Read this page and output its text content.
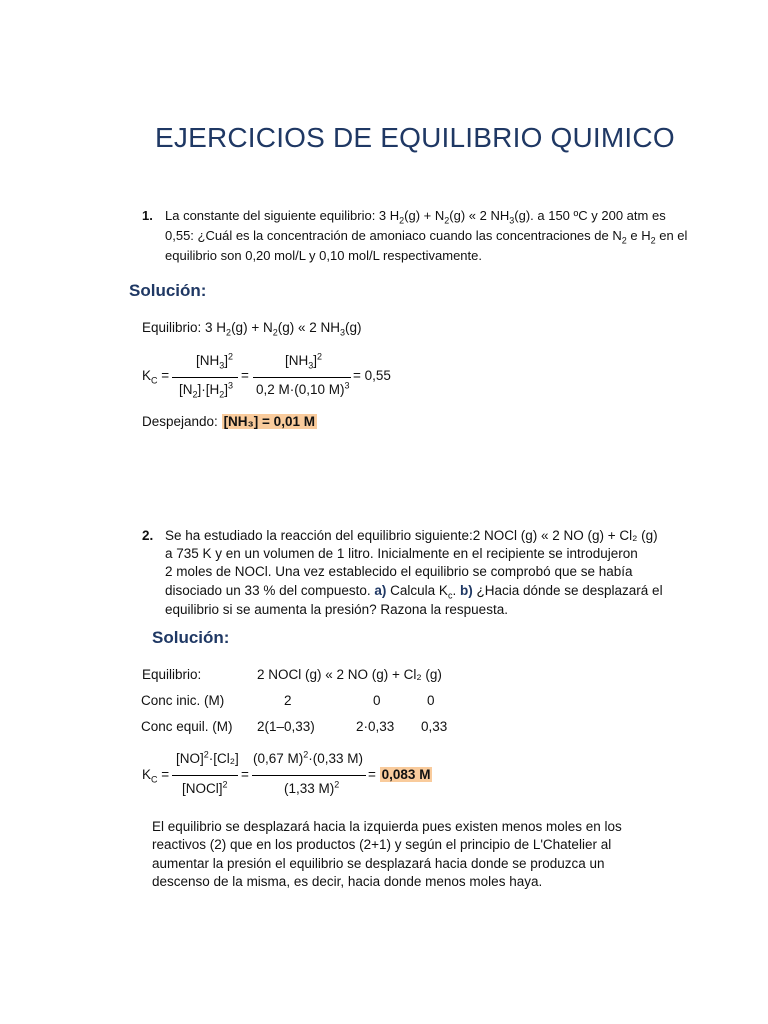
EJERCICIOS DE EQUILIBRIO QUIMICO
1. La constante del siguiente equilibrio: 3 $H_2(g) + N_2(g)$ « 2 $NH_3(g)$. a 150 ºC y 200 atm es
0,55: ¿Cuál es la concentración de amoniaco cuando las concentraciones de $N_2$ e $H_2$ en el
equilibrio son 0,20 mol/L y 0,10 mol/L respectivamente.
Solución:
Equilibrio: 3 $H_2(g) + N_2(g)$ « 2 $NH_3(g)$
$K_C$ =
$[NH_3]^2$
$[N_2]\cdot[H_2]^3$
=
$[NH_3]^2$
0,2 M·(0,10 M)$^3$
= 0,55
Despejando: [NH₃] = 0,01 M
2. Se ha estudiado la reacción del equilibrio siguiente:2 NOCl (g) « 2 NO (g) + Cl₂ (g)
a 735 K y en un volumen de 1 litro. Inicialmente en el recipiente se introdujeron
2 moles de NOCl. Una vez establecido el equilibrio se comprobó que se había
disociado un 33 % del compuesto. a) Calcula $K_c$. b) ¿Hacia dónde se desplazará el
equilibrio si se aumenta la presión? Razona la respuesta.
Solución:
Equilibrio:	2 NOCl (g) « 2 NO (g) + Cl₂ (g)
Conc inic. (M)	2	0	0
Conc equil. (M) 2(1–0,33)	2·0,33 0,33
$K_C$ =
[NO]$^2$·[Cl₂]
[NOCl]$^2$
=
(0,67 M)$^2$·(0,33 M)
(1,33 M)$^2$
= 0,083 M
El equilibrio se desplazará hacia la izquierda pues existen menos moles en los
reactivos (2) que en los productos (2+1) y según el principio de L'Chatelier al
aumentar la presión el equilibrio se desplazará hacia donde se produzca un
descenso de la misma, es decir, hacia donde menos moles haya.
